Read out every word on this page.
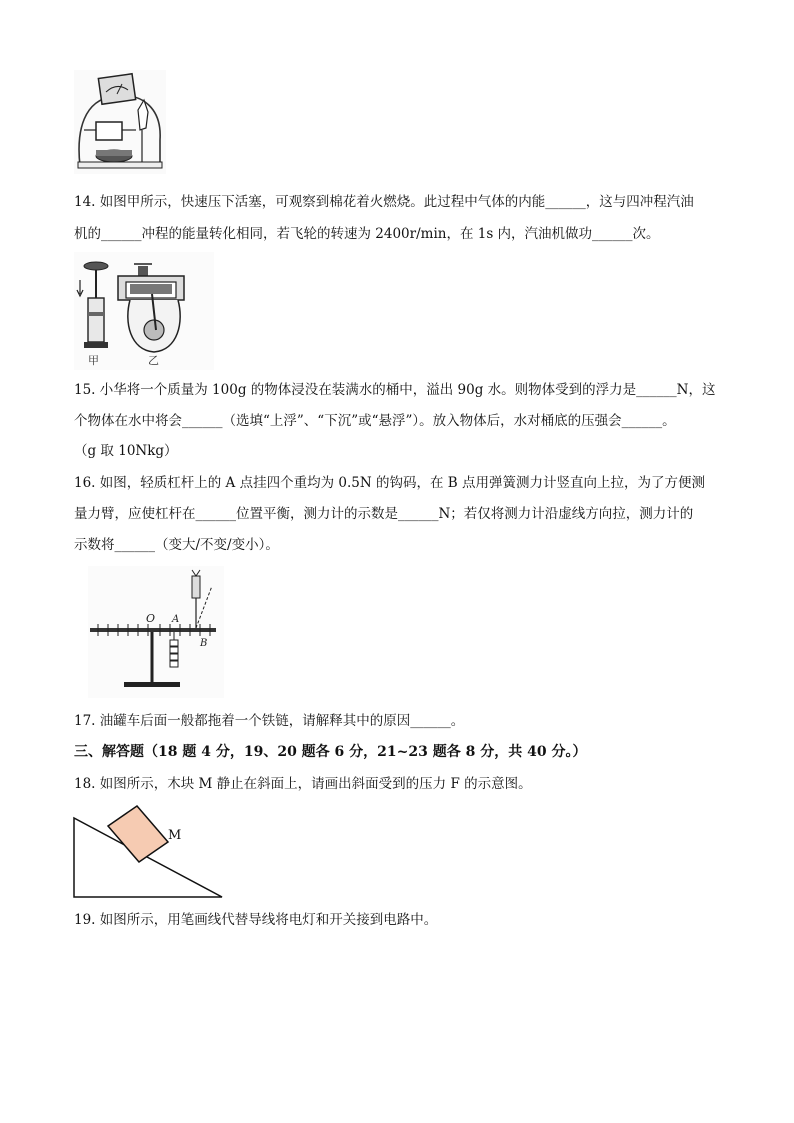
14. 如图甲所示，快速压下活塞，可观察到棉花着火燃烧。此过程中气体的内能______，这与四冲程汽油
机的______冲程的能量转化相同，若飞轮的转速为 2400r/min，在 1s 内，汽油机做功______次。
甲	乙
15. 小华将一个质量为 100g 的物体浸没在装满水的桶中，溢出 90g 水。则物体受到的浮力是______N，这
个物体在水中将会______（选填“上浮”、“下沉”或“悬浮”）。放入物体后，水对桶底的压强会______。
（g 取 10Nkg）
16. 如图，轻质杠杆上的 A 点挂四个重均为 0.5N 的钩码，在 B 点用弹簧测力计竖直向上拉，为了方便测
量力臂，应使杠杆在______位置平衡，测力计的示数是______N；若仅将测力计沿虚线方向拉，测力计的
示数将______（变大/不变/变小）。
O A
B
17. 油罐车后面一般都拖着一个铁链，请解释其中的原因______。
三、解答题（18 题 4 分，19、20 题各 6 分，21~23 题各 8 分，共 40 分。）
18. 如图所示，木块 M 静止在斜面上，请画出斜面受到的压力 F 的示意图。
M
19. 如图所示，用笔画线代替导线将电灯和开关接到电路中。
